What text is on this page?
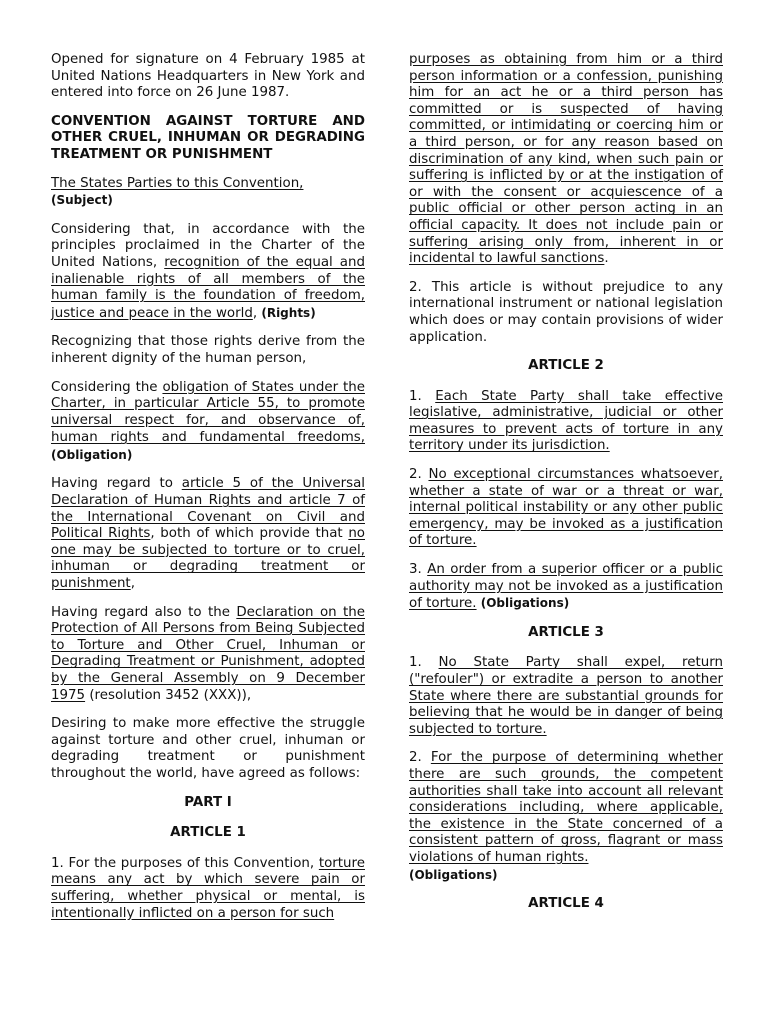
Opened for signature on 4 February 1985 at United Nations Headquarters in New York and entered into force on 26 June 1987.

CONVENTION AGAINST TORTURE AND OTHER CRUEL, INHUMAN OR DEGRADING TREATMENT OR PUNISHMENT

The States Parties to this Convention,

(Subject)

Considering that, in accordance with the principles proclaimed in the Charter of the United Nations, recognition of the equal and inalienable rights of all members of the human family is the foundation of freedom, justice and peace in the world, (Rights)

Recognizing that those rights derive from the inherent dignity of the human person,

Considering the obligation of States under the Charter, in particular Article 55, to promote universal respect for, and observance of, human rights and fundamental freedoms, (Obligation)

Having regard to article 5 of the Universal Declaration of Human Rights and article 7 of the International Covenant on Civil and Political Rights, both of which provide that no one may be subjected to torture or to cruel, inhuman or degrading treatment or punishment,

Having regard also to the Declaration on the Protection of All Persons from Being Subjected to Torture and Other Cruel, Inhuman or Degrading Treatment or Punishment, adopted by the General Assembly on 9 December 1975 (resolution 3452 (XXX)),

Desiring to make more effective the struggle against torture and other cruel, inhuman or degrading treatment or punishment throughout the world, have agreed as follows:

PART I

ARTICLE 1

1. For the purposes of this Convention, torture means any act by which severe pain or suffering, whether physical or mental, is intentionally inflicted on a person for such

purposes as obtaining from him or a third person information or a confession, punishing him for an act he or a third person has committed or is suspected of having committed, or intimidating or coercing him or a third person, or for any reason based on discrimination of any kind, when such pain or suffering is inflicted by or at the instigation of or with the consent or acquiescence of a public official or other person acting in an official capacity. It does not include pain or suffering arising only from, inherent in or incidental to lawful sanctions.

2. This article is without prejudice to any international instrument or national legislation which does or may contain provisions of wider application.

ARTICLE 2

1. Each State Party shall take effective legislative, administrative, judicial or other measures to prevent acts of torture in any territory under its jurisdiction.

2. No exceptional circumstances whatsoever, whether a state of war or a threat or war, internal political instability or any other public emergency, may be invoked as a justification of torture.

3. An order from a superior officer or a public authority may not be invoked as a justification of torture. (Obligations)

ARTICLE 3

1. No State Party shall expel, return ("refouler") or extradite a person to another State where there are substantial grounds for believing that he would be in danger of being subjected to torture.

2. For the purpose of determining whether there are such grounds, the competent authorities shall take into account all relevant considerations including, where applicable, the existence in the State concerned of a consistent pattern of gross, flagrant or mass violations of human rights.

(Obligations)

ARTICLE 4
